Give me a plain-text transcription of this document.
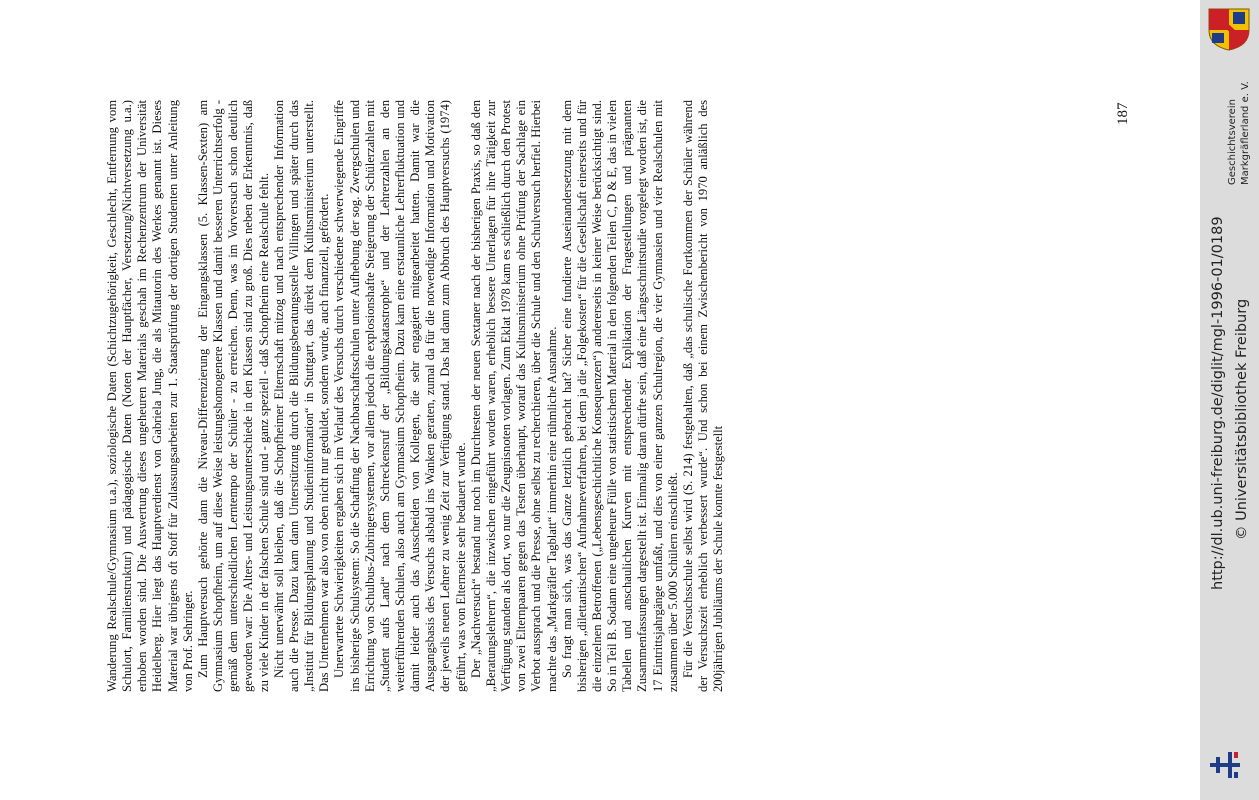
Wanderung Realschule/Gymnasium u.a.), soziologische Daten (Schichtzugehörigkeit, Geschlecht, Entfernung vom Schulort, Familienstruktur) und pädagogische Daten (Noten der Hauptfächer, Versetzung/Nichtversetzung u.a.) erhoben worden sind. Die Auswertung dieses ungeheuren Materials geschah im Rechenzentrum der Universität Heidelberg. Hier liegt das Hauptverdienst von Gabriela Jung, die als Mitautorin des Werkes genannt ist. Dieses Material war übrigens oft Stoff für Zulassungsarbeiten zur 1. Staatsprüfung der dortigen Studenten unter Anleitung von Prof. Sehringer. Zum Hauptversuch gehörte dann die Niveau-Differenzierung der Eingangsklassen (5. Klassen-Sexten) am Gymnasium Schopfheim, um auf diese Weise leistungshomogenere Klassen und damit besseren Unterrichtserfolg - gemäß dem unterschiedlichen Lerntempo der Schüler - zu erreichen. Denn, was im Vorversuch schon deutlich geworden war: Die Alters- und Leistungsunterschiede in den Klassen sind zu groß. Dies neben der Erkenntnis, daß zu viele Kinder in der falschen Schule sind und - ganz speziell - daß Schopfheim eine Realschule fehlt. Nicht unerwähnt soll bleiben, daß die Schopfheimer Elternschaft mitzog und nach entsprechender Information auch die Presse. Dazu kam dann Unterstützung durch die Bildungsberatungsstelle Villingen und später durch das „Institut für Bildungsplanung und Studieninformation“ in Stuttgart, das direkt dem Kultusministerium unterstellt. Das Unternehmen war also von oben nicht nur geduldet, sondern wurde, auch finanziell, gefördert. Unerwartete Schwierigkeiten ergaben sich im Verlauf des Versuchs durch verschiedene schwerwiegende Eingriffe ins bisherige Schulsystem: So die Schaffung der Nachbarschaftsschulen unter Aufhebung der sog. Zwergschulen und Errichtung von Schulbus-Zubringersystemen, vor allem jedoch die explosionshafte Steigerung der Schülerzahlen mit „Student aufs Land“ nach dem Schreckensruf der „Bildungskatastrophe“ und der Lehrerzahlen an den weiterführenden Schulen, also auch am Gymnasium Schopfheim. Dazu kam eine erstaunliche Lehrerfluktuation und damit leider auch das Ausscheiden von Kollegen, die sehr engagiert mitgearbeitet hatten. Damit war die Ausgangsbasis des Versuchs alsbald ins Wanken geraten, zumal da für die notwendige Information und Motivation der jeweils neuen Lehrer zu wenig Zeit zur Verfügung stand. Das hat dann zum Abbruch des Hauptversuchs (1974) geführt, was von Elternseite sehr bedauert wurde. Der „Nachversuch“ bestand nur noch im Durchtesten der neuen Sextaner nach der bisherigen Praxis, so daß den „Beratungslehrern“, die inzwischen eingeführt worden waren, erheblich bessere Unterlagen für ihre Tätigkeit zur Verfügung standen als dort, wo nur die Zeugnisnoten vorlagen. Zum Eklat 1978 kam es schließlich durch den Protest von zwei Elternpaaren gegen das Testen überhaupt, worauf das Kultusministerium ohne Prüfung der Sachlage ein Verbot aussprach und die Presse, ohne selbst zu recherchieren, über die Schule und den Schulversuch herfiel. Hierbei machte das „Markgräfler Tagblatt“ immerhin eine rühmliche Ausnahme. So fragt man sich, was das Ganze letztlich gebracht hat? Sicher eine fundierte Auseinandersetzung mit dem bisherigen „dilettantischen“ Aufnahmeverfahren, bei dem ja die „Folgekosten“ für die Gesellschaft einerseits und für die einzelnen Betroffenen („Lebensgeschichtliche Konsequenzen“) andererseits in keiner Weise berücksichtigt sind. So in Teil B. Sodann eine ungeheure Fülle von statistischem Material in den folgenden Teilen C, D & E, das in vielen Tabellen und anschaulichen Kurven mit entsprechender Explikation der Fragestellungen und prägnanten Zusammenfassungen dargestellt ist. Einmalig daran dürfte sein, daß eine Längsschnittstudie vorgelegt worden ist, die 17 Eintrittsjahrgänge umfaßt, und dies von einer ganzen Schulregion, die vier Gymnasien und vier Realschulen mit zusammen über 5.000 Schülern einschließt. Für die Versuchsschule selbst wird (S. 214) festgehalten, daß „das schulische Fortkommen der Schüler während der Versuchszeit erheblich verbessert wurde“. Und schon bei einem Zwischenbericht von 1970 anläßlich des 200jährigen Jubiläums der Schule konnte festgestellt

187	Geschichtsverein Markgräflerland e. V.
http://dl.ub.uni-freiburg.de/diglit/mgl-1996-01/0189 © Universitätsbibliothek Freiburg
